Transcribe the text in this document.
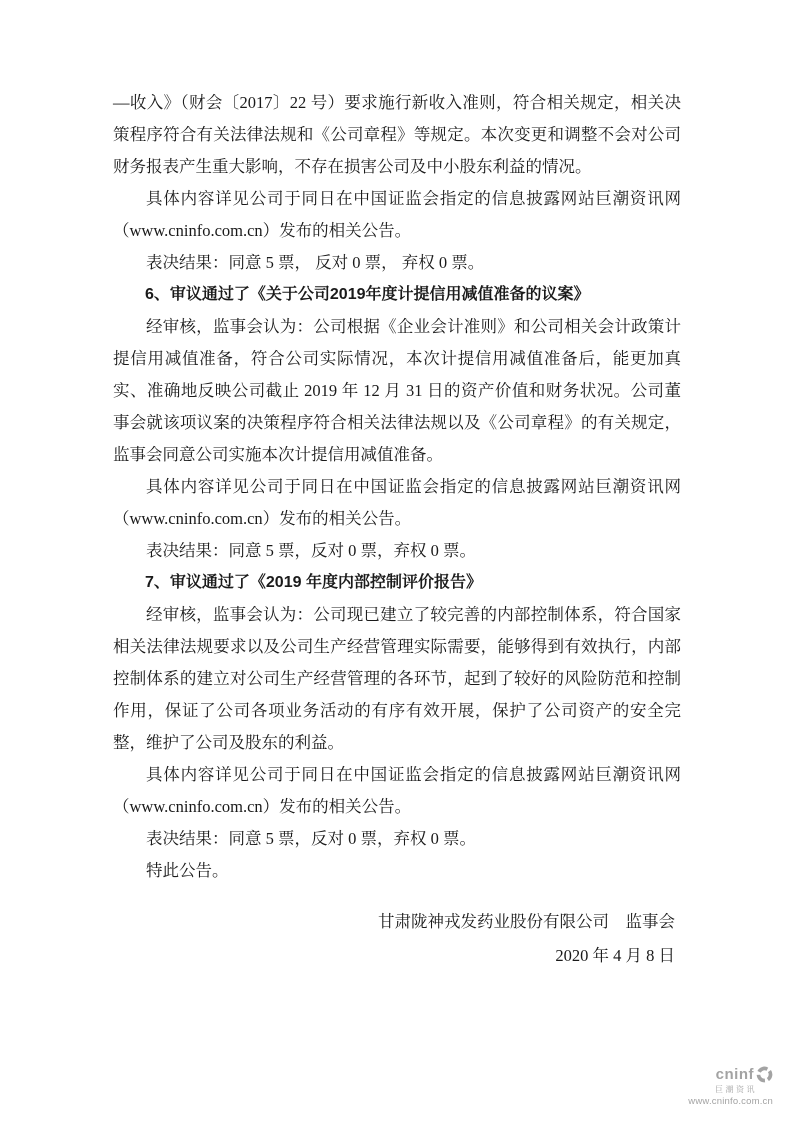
—收入》（财会〔2017〕22 号）要求施行新收入准则，符合相关规定，相关决策程序符合有关法律法规和《公司章程》等规定。本次变更和调整不会对公司财务报表产生重大影响，不存在损害公司及中小股东利益的情况。

具体内容详见公司于同日在中国证监会指定的信息披露网站巨潮资讯网（www.cninfo.com.cn）发布的相关公告。

表决结果：同意 5 票， 反对 0 票， 弃权 0 票。

6、审议通过了《关于公司2019年度计提信用减值准备的议案》

经审核，监事会认为：公司根据《企业会计准则》和公司相关会计政策计提信用减值准备，符合公司实际情况，本次计提信用减值准备后，能更加真实、准确地反映公司截止 2019 年 12 月 31 日的资产价值和财务状况。公司董事会就该项议案的决策程序符合相关法律法规以及《公司章程》的有关规定，监事会同意公司实施本次计提信用减值准备。

具体内容详见公司于同日在中国证监会指定的信息披露网站巨潮资讯网（www.cninfo.com.cn）发布的相关公告。

表决结果：同意 5 票，反对 0 票，弃权 0 票。

7、审议通过了《2019 年度内部控制评价报告》

经审核，监事会认为：公司现已建立了较完善的内部控制体系，符合国家相关法律法规要求以及公司生产经营管理实际需要，能够得到有效执行，内部控制体系的建立对公司生产经营管理的各环节，起到了较好的风险防范和控制作用，保证了公司各项业务活动的有序有效开展，保护了公司资产的安全完整，维护了公司及股东的利益。

具体内容详见公司于同日在中国证监会指定的信息披露网站巨潮资讯网（www.cninfo.com.cn）发布的相关公告。

表决结果：同意 5 票，反对 0 票，弃权 0 票。

特此公告。

甘肃陇神戎发药业股份有限公司　监事会
2020 年 4 月 8 日
cninf
巨潮资讯
www.cninfo.com.cn
